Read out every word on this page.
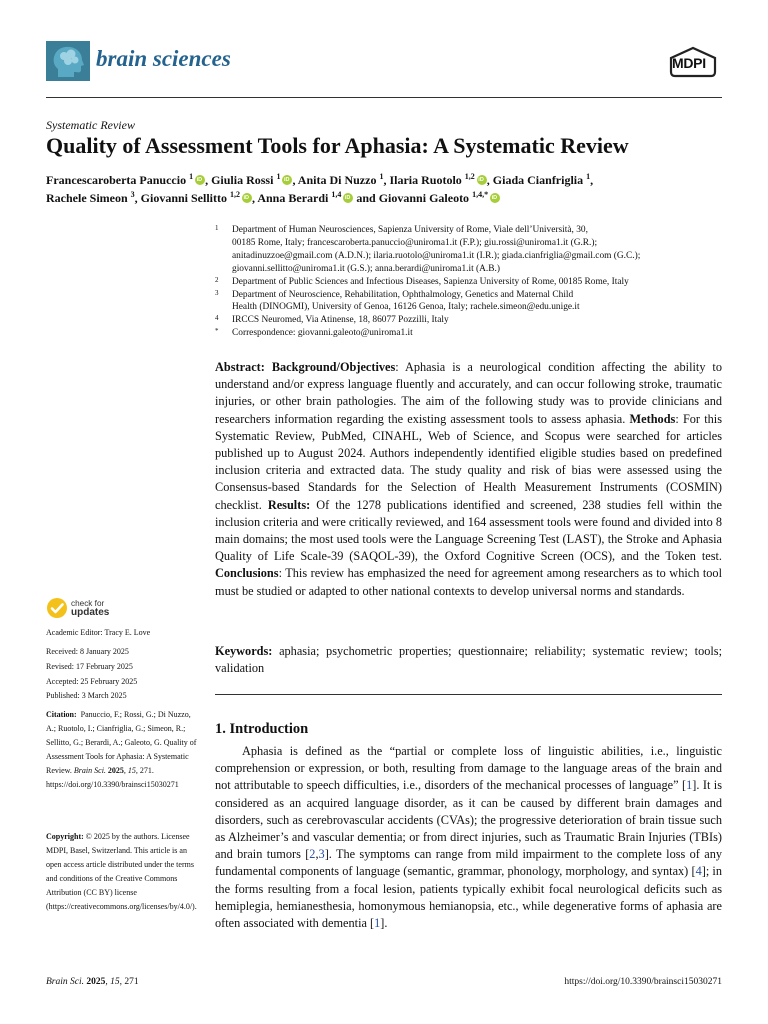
brain sciences	MDPI
Systematic Review
Quality of Assessment Tools for Aphasia: A Systematic Review
Francescaroberta Panuccio $^1$ iD , Giulia Rossi $^1$ iD , Anita Di Nuzzo $^1$, Ilaria Ruotolo $^{1,2}$ iD , Giada Cianfriglia $^1$,
Rachele Simeon $^3$, Giovanni Sellitto $^{1,2}$ iD , Anna Berardi $^{1,4}$ iD and Giovanni Galeoto $^{1,4,*}$iD
1 Department of Human Neurosciences, Sapienza University of Rome, Viale dell’Università, 30,
00185 Rome, Italy; francescaroberta.panuccio@uniroma1.it (F.P.); giu.rossi@uniroma1.it (G.R.);
anitadinuzzoe@gmail.com (A.D.N.); ilaria.ruotolo@uniroma1.it (I.R.); giada.cianfriglia@gmail.com (G.C.);
giovanni.sellitto@uniroma1.it (G.S.); anna.berardi@uniroma1.it (A.B.)
2 Department of Public Sciences and Infectious Diseases, Sapienza University of Rome, 00185 Rome, Italy
3 Department of Neuroscience, Rehabilitation, Ophthalmology, Genetics and Maternal Child
Health (DINOGMI), University of Genoa, 16126 Genoa, Italy; rachele.simeon@edu.unige.it
4 IRCCS Neuromed, Via Atinense, 18, 86077 Pozzilli, Italy
* Correspondence: giovanni.galeoto@uniroma1.it
Abstract: Background/Objectives: Aphasia is a neurological condition affecting the ability to understand and/or express language fluently and accurately, and can occur following stroke, traumatic injuries, or other brain pathologies. The aim of the following study was to provide clinicians and researchers information regarding the existing assessment tools to assess aphasia. Methods: For this Systematic Review, PubMed, CINAHL, Web of Science, and Scopus were searched for articles published up to August 2024. Authors independently identified eligible studies based on predefined inclusion criteria and extracted data. The study quality and risk of bias were assessed using the Consensus-based Standards for the Selection of Health Measurement Instruments (COSMIN) checklist. Results: Of the 1278 publications identified and screened, 238 studies fell within the inclusion criteria and were critically reviewed, and 164 assessment tools were found and divided into 8 main domains; the most used tools were the Language Screening Test (LAST), the Stroke and Aphasia Quality of Life Scale-39 (SAQOL-39), the Oxford Cognitive Screen (OCS), and the Token test. Conclusions: This review has emphasized the need for agreement among researchers as to which tool must be studied or adapted to other national contexts to develop universal norms and standards.
Keywords: aphasia; psychometric properties; questionnaire; reliability; systematic review; tools; validation
1. Introduction
Aphasia is defined as the “partial or complete loss of linguistic abilities, i.e., linguistic comprehension or expression, or both, resulting from damage to the language areas of the brain and not attributable to speech difficulties, i.e., disorders of the mechanical processes of language” [1]. It is considered as an acquired language disorder, as it can be caused by different brain damages and disorders, such as cerebrovascular accidents (CVAs); the progressive deterioration of brain tissue such as Alzheimer’s and vascular dementia; or from direct injuries, such as Traumatic Brain Injuries (TBIs) and brain tumors [2,3]. The symptoms can range from mild impairment to the complete loss of any fundamental components of language (semantic, grammar, phonology, morphology, and syntax) [4]; in the forms resulting from a focal lesion, patients typically exhibit focal neurological deficits such as hemiplegia, hemianesthesia, homonymous hemianopsia, etc., while degenerative forms of aphasia are often associated with dementia [1].
check for
updates
Academic Editor: Tracy E. Love
Received: 8 January 2025
Revised: 17 February 2025
Accepted: 25 February 2025
Published: 3 March 2025
Citation: Panuccio, F.; Rossi, G.; Di Nuzzo, A.; Ruotolo, I.; Cianfriglia, G.; Simeon, R.; Sellitto, G.; Berardi, A.; Galeoto, G. Quality of Assessment Tools for Aphasia: A Systematic Review. Brain Sci. 2025, 15, 271. https://doi.org/10.3390/brainsci15030271
Copyright: © 2025 by the authors. Licensee MDPI, Basel, Switzerland. This article is an open access article distributed under the terms and conditions of the Creative Commons Attribution (CC BY) license (https://creativecommons.org/licenses/by/4.0/).
Brain Sci. 2025, 15, 271	https://doi.org/10.3390/brainsci15030271
